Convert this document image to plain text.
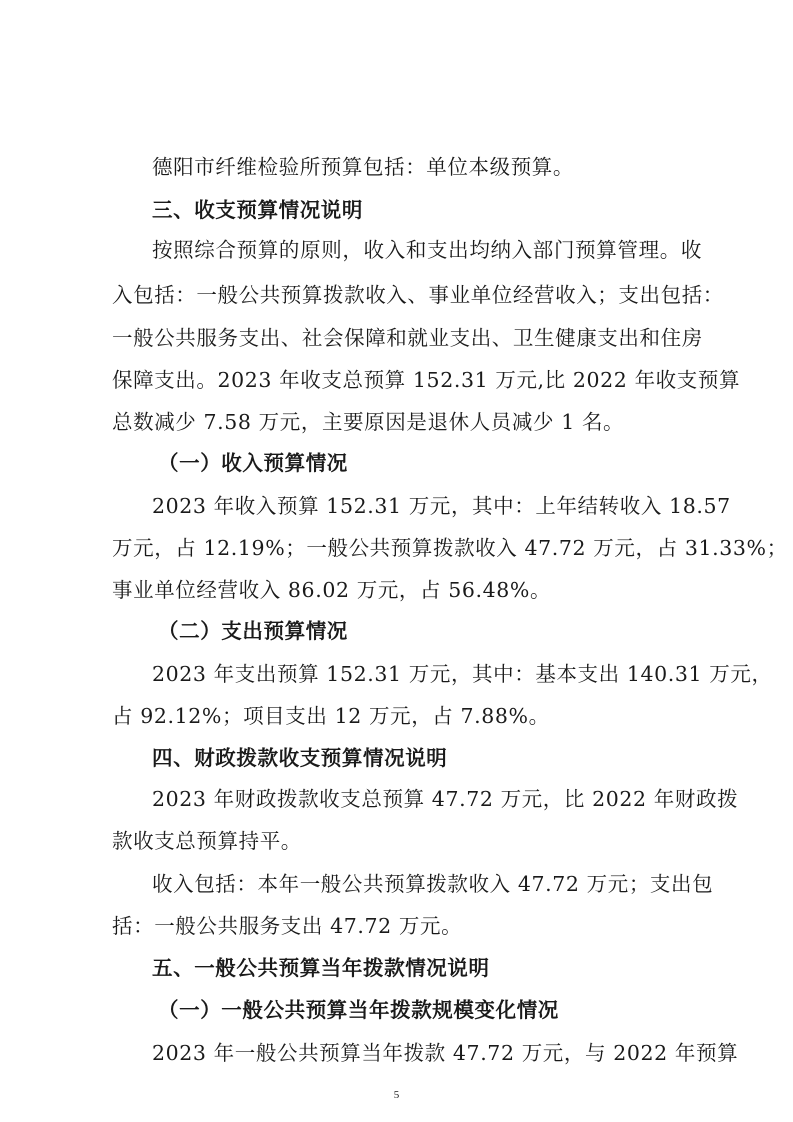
德阳市纤维检验所预算包括：单位本级预算。
三、收支预算情况说明
按照综合预算的原则，收入和支出均纳入部门预算管理。收
入包括：一般公共预算拨款收入、事业单位经营收入；支出包括：
一般公共服务支出、社会保障和就业支出、卫生健康支出和住房
保障支出。2023 年收支总预算 152.31 万元,比 2022 年收支预算
总数减少 7.58 万元，主要原因是退休人员减少 1 名。
（一）收入预算情况
2023 年收入预算 152.31 万元，其中：上年结转收入 18.57
万元，占 12.19%；一般公共预算拨款收入 47.72 万元，占 31.33%；
事业单位经营收入 86.02 万元，占 56.48%。
（二）支出预算情况
2023 年支出预算 152.31 万元，其中：基本支出 140.31 万元，
占 92.12%；项目支出 12 万元，占 7.88%。
四、财政拨款收支预算情况说明
2023 年财政拨款收支总预算 47.72 万元，比 2022 年财政拨
款收支总预算持平。
收入包括：本年一般公共预算拨款收入 47.72 万元；支出包
括：一般公共服务支出 47.72 万元。
五、一般公共预算当年拨款情况说明
（一）一般公共预算当年拨款规模变化情况
2023 年一般公共预算当年拨款 47.72 万元，与 2022 年预算
5
